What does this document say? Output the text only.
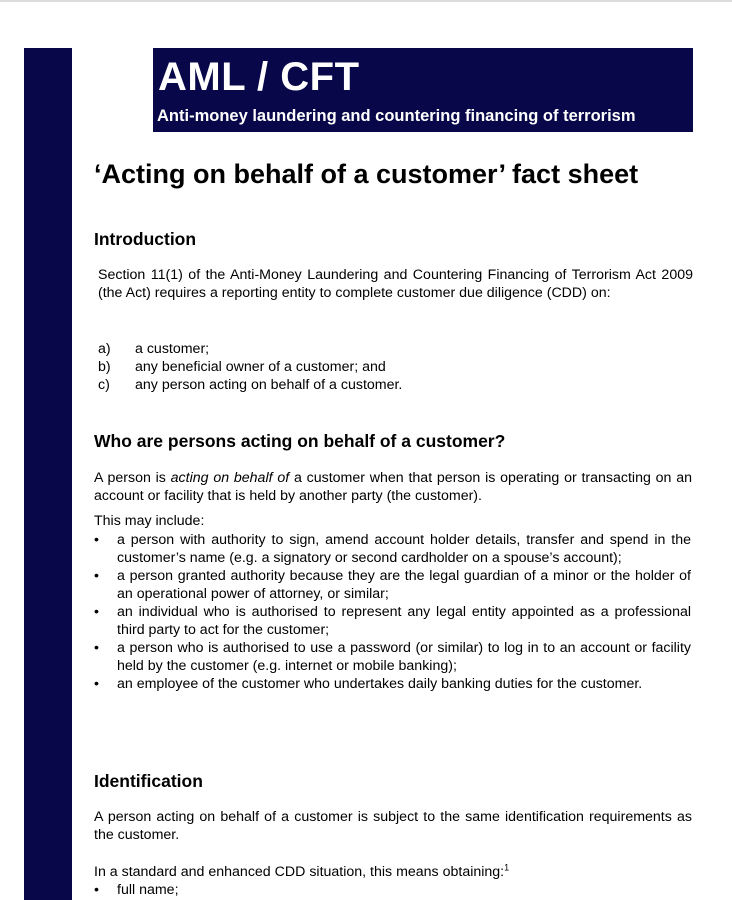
AML / CFT
Anti-money laundering and countering financing of terrorism
‘Acting on behalf of a customer’ fact sheet
Introduction

Section 11(1) of the Anti-Money Laundering and Countering Financing of Terrorism Act 2009 (the Act) requires a reporting entity to complete customer due diligence (CDD) on:

a) a customer;
b) any beneficial owner of a customer; and
c) any person acting on behalf of a customer.
Who are persons acting on behalf of a customer?

A person is acting on behalf of a customer when that person is operating or transacting on an account or facility that is held by another party (the customer).

This may include:

• a person with authority to sign, amend account holder details, transfer and spend in the customer’s name (e.g. a signatory or second cardholder on a spouse’s account);
• a person granted authority because they are the legal guardian of a minor or the holder of an operational power of attorney, or similar;
• an individual who is authorised to represent any legal entity appointed as a professional third party to act for the customer;
• a person who is authorised to use a password (or similar) to log in to an account or facility held by the customer (e.g. internet or mobile banking);
• an employee of the customer who undertakes daily banking duties for the customer.
Identification

A person acting on behalf of a customer is subject to the same identification requirements as the customer.

In a standard and enhanced CDD situation, this means obtaining:$^1$

• full name;
